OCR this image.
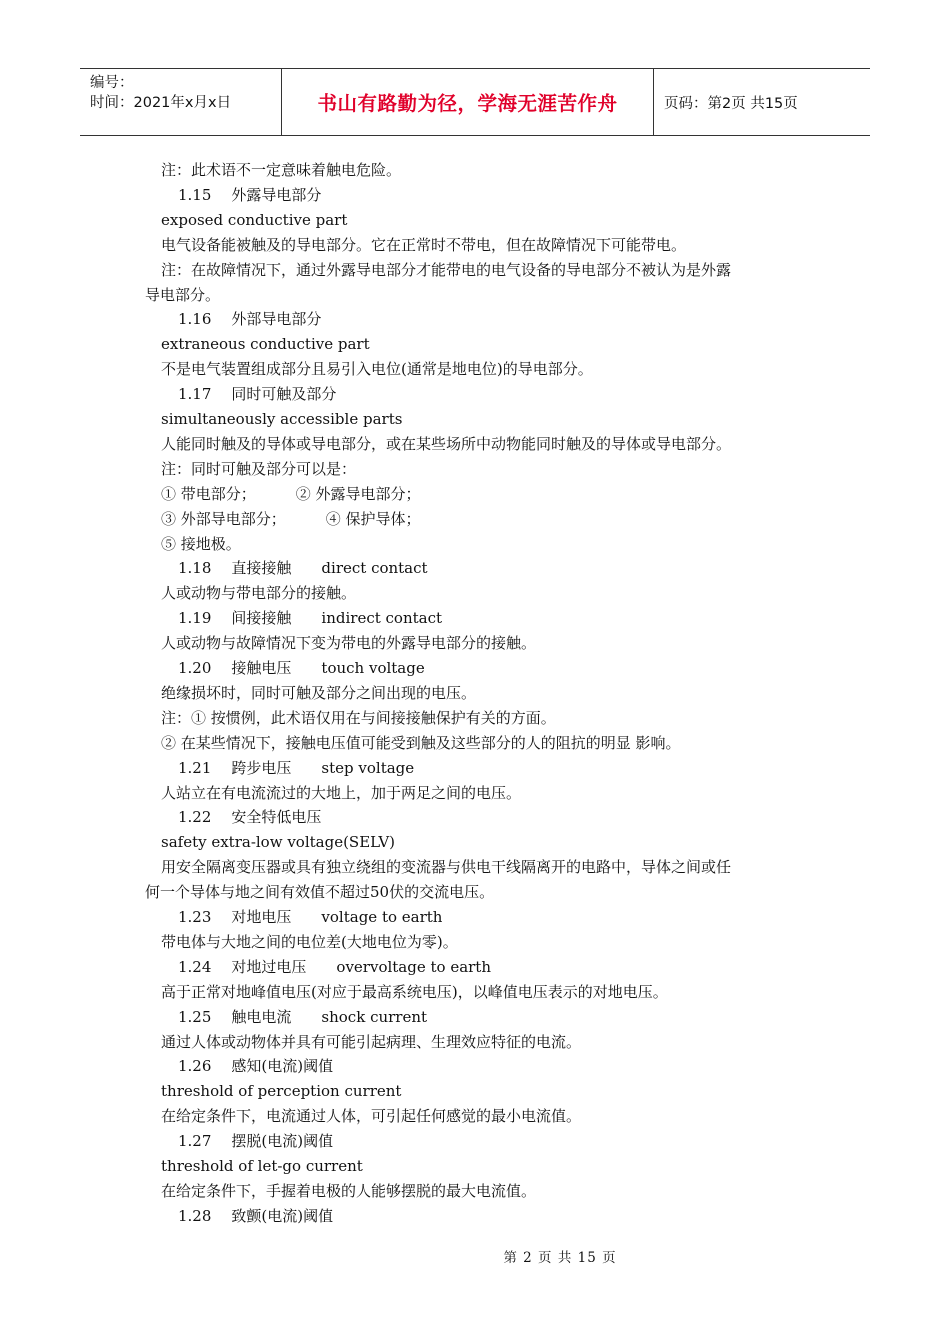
编号：
时间：2021年x月x日	书山有路勤为径，学海无涯苦作舟	页码：第2页 共15页
注：此术语不一定意味着触电危险。
1.15 外露导电部分
exposed conductive part
电气设备能被触及的导电部分。它在正常时不带电，但在故障情况下可能带电。
注：在故障情况下，通过外露导电部分才能带电的电气设备的导电部分不被认为是外露
导电部分。
1.16 外部导电部分
extraneous conductive part
不是电气装置组成部分且易引入电位(通常是地电位)的导电部分。
1.17 同时可触及部分
simultaneously accessible parts
人能同时触及的导体或导电部分，或在某些场所中动物能同时触及的导体或导电部分。
注：同时可触及部分可以是：
① 带电部分；	② 外露导电部分；
③ 外部导电部分；	④ 保护导体；
⑤ 接地极。
1.18 直接接触 direct contact
人或动物与带电部分的接触。
1.19 间接接触 indirect contact
人或动物与故障情况下变为带电的外露导电部分的接触。
1.20 接触电压 touch voltage
绝缘损坏时，同时可触及部分之间出现的电压。
注：① 按惯例，此术语仅用在与间接接触保护有关的方面。
② 在某些情况下，接触电压值可能受到触及这些部分的人的阻抗的明显 影响。
1.21 跨步电压 step voltage
人站立在有电流流过的大地上，加于两足之间的电压。
1.22 安全特低电压
safety extra-low voltage(SELV)
用安全隔离变压器或具有独立绕组的变流器与供电干线隔离开的电路中，导体之间或任
何一个导体与地之间有效值不超过50伏的交流电压。
1.23 对地电压 voltage to earth
带电体与大地之间的电位差(大地电位为零)。
1.24 对地过电压 overvoltage to earth
高于正常对地峰值电压(对应于最高系统电压)，以峰值电压表示的对地电压。
1.25 触电电流 shock current
通过人体或动物体并具有可能引起病理、生理效应特征的电流。
1.26 感知(电流)阈值
threshold of perception current
在给定条件下，电流通过人体，可引起任何感觉的最小电流值。
1.27 摆脱(电流)阈值
threshold of let-go current
在给定条件下，手握着电极的人能够摆脱的最大电流值。
1.28 致颤(电流)阈值
第 2 页 共 15 页
